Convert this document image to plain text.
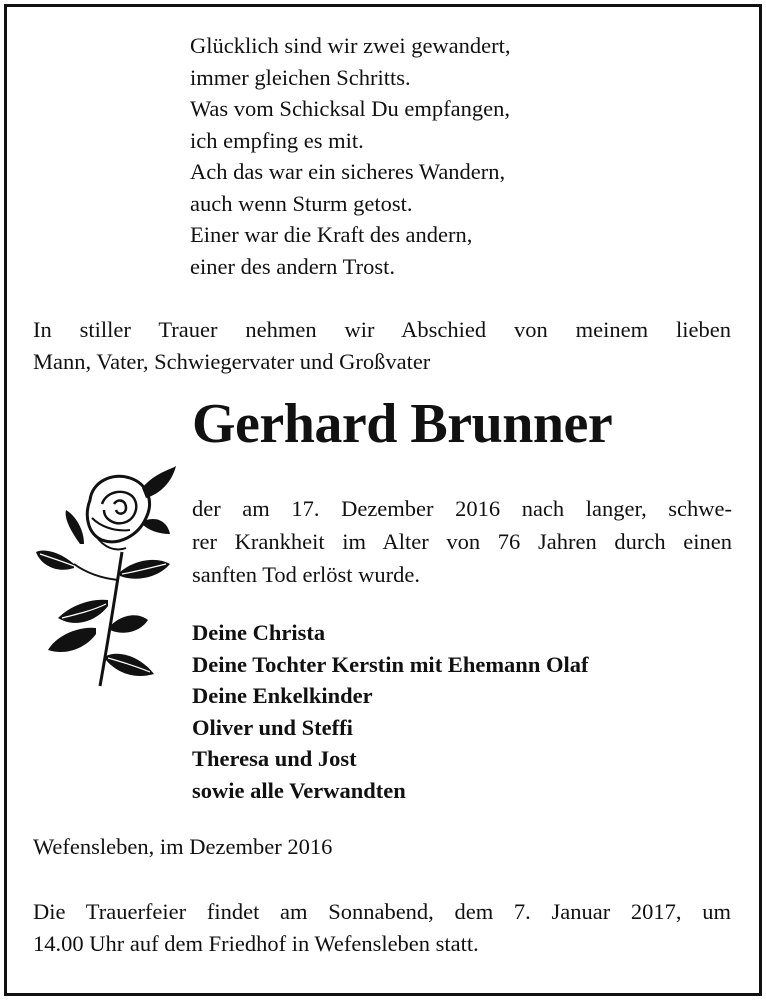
Glücklich sind wir zwei gewandert,
immer gleichen Schritts.
Was vom Schicksal Du empfangen,
ich empfing es mit.
Ach das war ein sicheres Wandern,
auch wenn Sturm getost.
Einer war die Kraft des andern,
einer des andern Trost.
In stiller Trauer nehmen wir Abschied von meinem lieben
Mann, Vater, Schwiegervater und Großvater
Gerhard Brunner
der am 17. Dezember 2016 nach langer, schwe-
rer Krankheit im Alter von 76 Jahren durch einen
sanften Tod erlöst wurde.
Deine Christa
Deine Tochter Kerstin mit Ehemann Olaf
Deine Enkelkinder
Oliver und Steffi
Theresa und Jost
sowie alle Verwandten
Wefensleben, im Dezember 2016
Die Trauerfeier findet am Sonnabend, dem 7. Januar 2017, um
14.00 Uhr auf dem Friedhof in Wefensleben statt.
